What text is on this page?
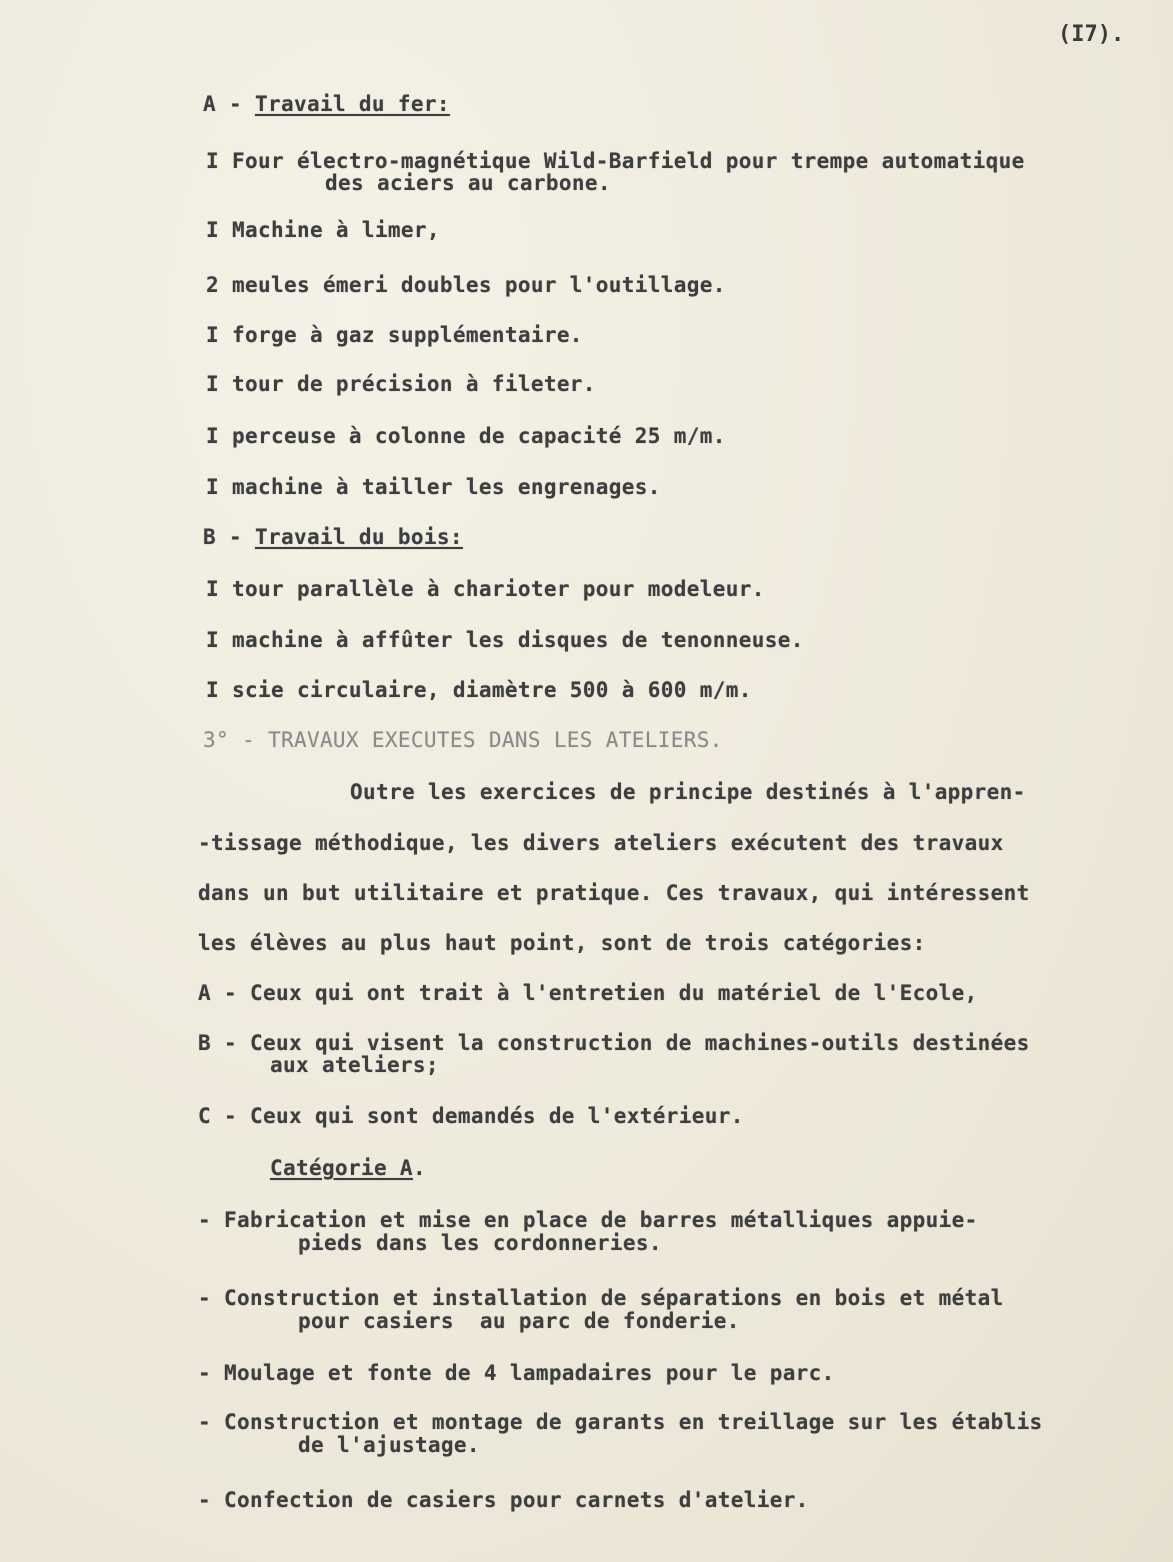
(I7).
A - Travail du fer:
I Four électro-magnétique Wild-Barfield pour trempe automatique
des aciers au carbone.
I Machine à limer,
2 meules émeri doubles pour l'outillage.
I forge à gaz supplémentaire.
I tour de précision à fileter.
I perceuse à colonne de capacité 25 m/m.
I machine à tailler les engrenages.
B - Travail du bois:
I tour parallèle à charioter pour modeleur.
I machine à affûter les disques de tenonneuse.
I scie circulaire, diamètre 500 à 600 m/m.
3° - TRAVAUX EXECUTES DANS LES ATELIERS.
Outre les exercices de principe destinés à l'appren-
-tissage méthodique, les divers ateliers exécutent des travaux
dans un but utilitaire et pratique. Ces travaux, qui intéressent
les élèves au plus haut point, sont de trois catégories:
A - Ceux qui ont trait à l'entretien du matériel de l'Ecole,
B - Ceux qui visent la construction de machines-outils destinées
aux ateliers;
C - Ceux qui sont demandés de l'extérieur.
Catégorie A.
- Fabrication et mise en place de barres métalliques appuie-
pieds dans les cordonneries.
- Construction et installation de séparations en bois et métal
pour casiers  au parc de fonderie.
- Moulage et fonte de 4 lampadaires pour le parc.
- Construction et montage de garants en treillage sur les établis
de l'ajustage.
- Confection de casiers pour carnets d'atelier.
